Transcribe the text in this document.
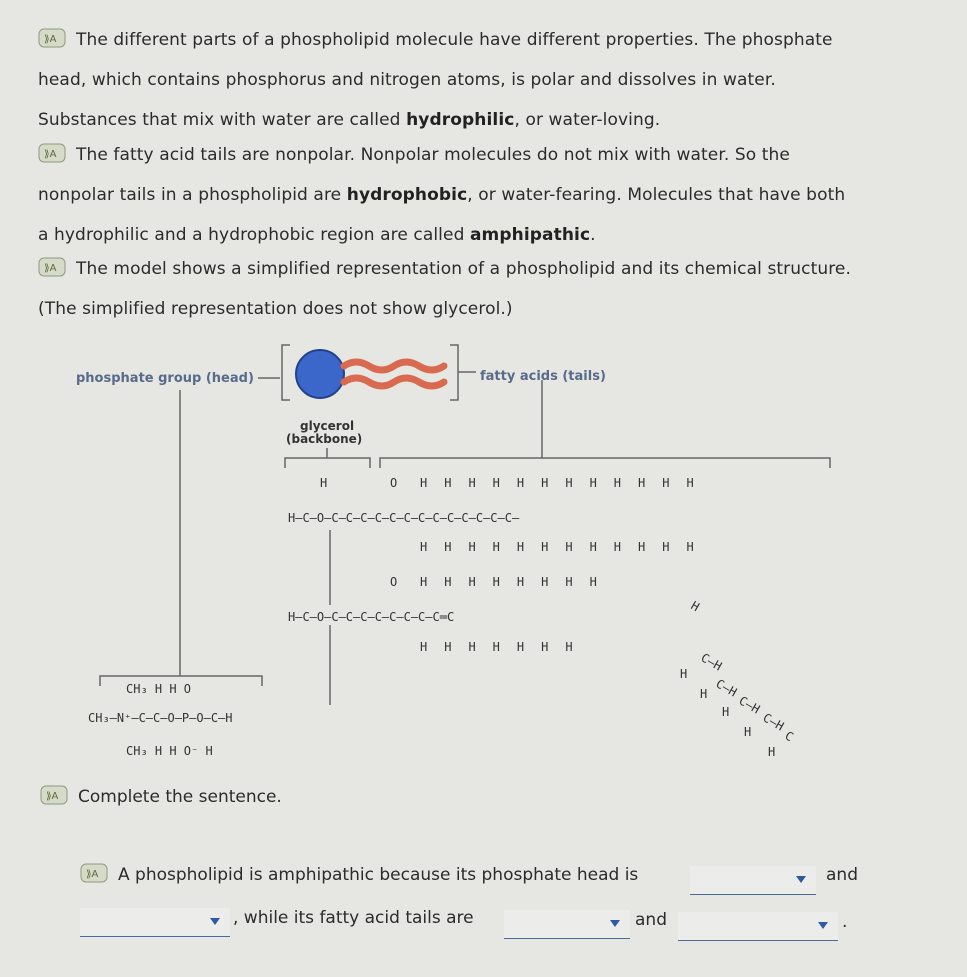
⟫A The different parts of a phospholipid molecule have different properties. The phosphate
head, which contains phosphorus and nitrogen atoms, is polar and dissolves in water.
Substances that mix with water are called hydrophilic, or water-loving.
⟫A The fatty acid tails are nonpolar. Nonpolar molecules do not mix with water. So the
nonpolar tails in a phospholipid are hydrophobic, or water-fearing. Molecules that have both
a hydrophilic and a hydrophobic region are called amphipathic.
⟫A The model shows a simplified representation of a phospholipid and its chemical structure.
(The simplified representation does not show glycerol.)
phosphate group (head)	fatty acids (tails)
glycerol
(backbone)
H	O HHHHHHHHHHHH
H—C—O—C—C—C—C—C—C—C—C—C—C—C—C—C—
HHHHHHHHHHHH
O HHHHHHHH
H—C—O—C—C—C—C—C—C—C—C═C
HHHHHHH
H
C—H
C—H
C—H
C—H
C
H
H
H
H
H
CH₃ H H O
CH₃—N⁺—C—C—O—P—O—C—H
CH₃ H H O⁻ H
⟫A Complete the sentence.
⟫A A phospholipid is amphipathic because its phosphate head is	and
, while its fatty acid tails are	and	.
